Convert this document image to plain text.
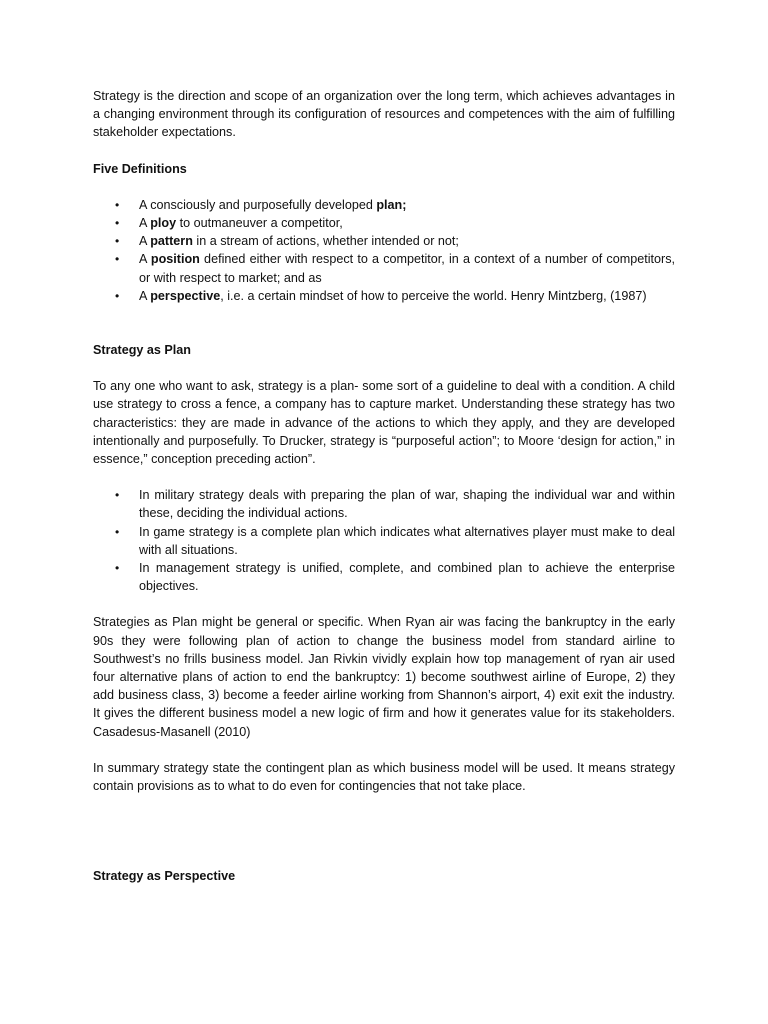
Strategy is the direction and scope of an organization over the long term, which achieves advantages in a changing environment through its configuration of resources and competences with the aim of fulfilling stakeholder expectations.

Five Definitions

• A consciously and purposefully developed plan;
• A ploy to outmaneuver a competitor,
• A pattern in a stream of actions, whether intended or not;
• A position defined either with respect to a competitor, in a context of a number of competitors, or with respect to market; and as
• A perspective, i.e. a certain mindset of how to perceive the world. Henry Mintzberg, (1987)

Strategy as Plan

To any one who want to ask, strategy is a plan- some sort of a guideline to deal with a condition. A child use strategy to cross a fence, a company has to capture market. Understanding these strategy has two characteristics: they are made in advance of the actions to which they apply, and they are developed intentionally and purposefully. To Drucker, strategy is “purposeful action”; to Moore ‘design for action,” in essence,” conception preceding action”.

• In military strategy deals with preparing the plan of war, shaping the individual war and within these, deciding the individual actions.
• In game strategy is a complete plan which indicates what alternatives player must make to deal with all situations.
• In management strategy is unified, complete, and combined plan to achieve the enterprise objectives.

Strategies as Plan might be general or specific. When Ryan air was facing the bankruptcy in the early 90s they were following plan of action to change the business model from standard airline to Southwest’s no frills business model. Jan Rivkin vividly explain how top management of ryan air used four alternative plans of action to end the bankruptcy: 1) become southwest airline of Europe, 2) they add business class, 3) become a feeder airline working from Shannon’s airport, 4) exit exit the industry. It gives the different business model a new logic of firm and how it generates value for its stakeholders. Casadesus-Masanell (2010)

In summary strategy state the contingent plan as which business model will be used. It means strategy contain provisions as to what to do even for contingencies that not take place.

Strategy as Perspective
